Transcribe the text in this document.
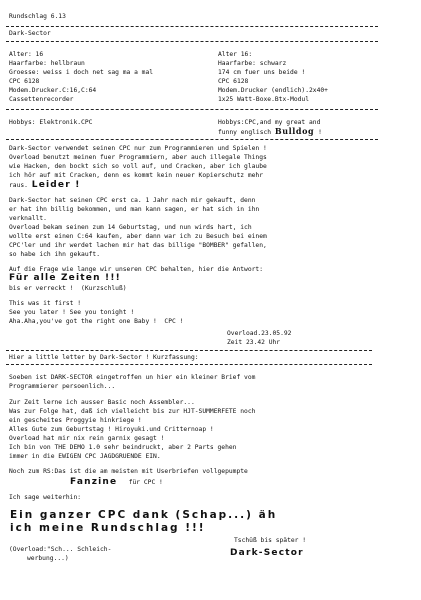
Rundschlag 6.13
Dark-Sector
Alter: 16
Haarfarbe: hellbraun
Groesse: weiss i doch net sag ma a mal
CPC 6128
Modem.Drucker.C:16,C:64
Cassettenrecorder
Alter 16:
Haarfarbe: schwarz
174 cm fuer uns beide !
CPC 6128
Modem.Drucker (endlich).2x40+
1x25 Watt-Boxe.Btx-Modul
Hobbys: Elektronik.CPC	Hobbys:CPC,and my great and
funny englisch Bulldog !
Dark-Sector verwendet seinen CPC nur zum Programmieren und Spielen !
Overload benutzt meinen fuer Programmiern, aber auch illegale Things
wie Hacken, den bockt sich so voll auf, und Cracken, aber ich glaube
ich hör auf mit Cracken, denn es kommt kein neuer Kopierschutz mehr
raus. Leider !
Dark-Sector hat seinen CPC erst ca. 1 Jahr nach mir gekauft, denn
er hat ihn billig bekommen, und man kann sagen, er hat sich in ihn
verknallt.
Overload bekam seinen zum 14 Geburtstag, und nun wirds hart, ich
wollte erst einen C:64 kaufen, aber dann war ich zu Besuch bei einem
CPC'ler und ihr werdet lachen mir hat das billige "BOMBER" gefallen,
so habe ich ihn gekauft.
Auf die Frage wie lange wir unseren CPC behalten, hier die Antwort:
Für alle Zeiten !!!
bis er verreckt !  (Kurzschluß)
This was it first !
See you later ! See you tonight !
Aha.Aha,you've got the right one Baby !  CPC !
Overload.23.05.92
Zeit 23.42 Uhr
Hier a little letter by Dark-Sector ! Kurzfassung:
Soeben ist DARK-SECTOR eingetroffen un hier ein kleiner Brief vom
Programmierer persoenlich...
Zur Zeit lerne ich ausser Basic noch Assembler...
Was zur Folge hat, daß ich vielleicht bis zur HJT-SUMMERFETE noch
ein gescheites Proggyie hinkriege !
Alles Gute zum Geburtstag ! Hiroyuki.und Critternoap !
Overload hat mir nix rein garnix gesagt !
Ich bin von THE DEMO 1.0 sehr beindruckt, aber 2 Parts gehen
immer in die EWIGEN CPC JAGDGRUENDE EIN.
Noch zum RS:Das ist die am meisten mit Userbriefen vollgepumpte
Fanzine für CPC !
Ich sage weiterhin:
Ein ganzer CPC dank (Schap...) äh
ich meine Rundschlag !!!
Tschüß bis später !
(Overload:"Sch... Schleich-
werbung...)
Dark-Sector
